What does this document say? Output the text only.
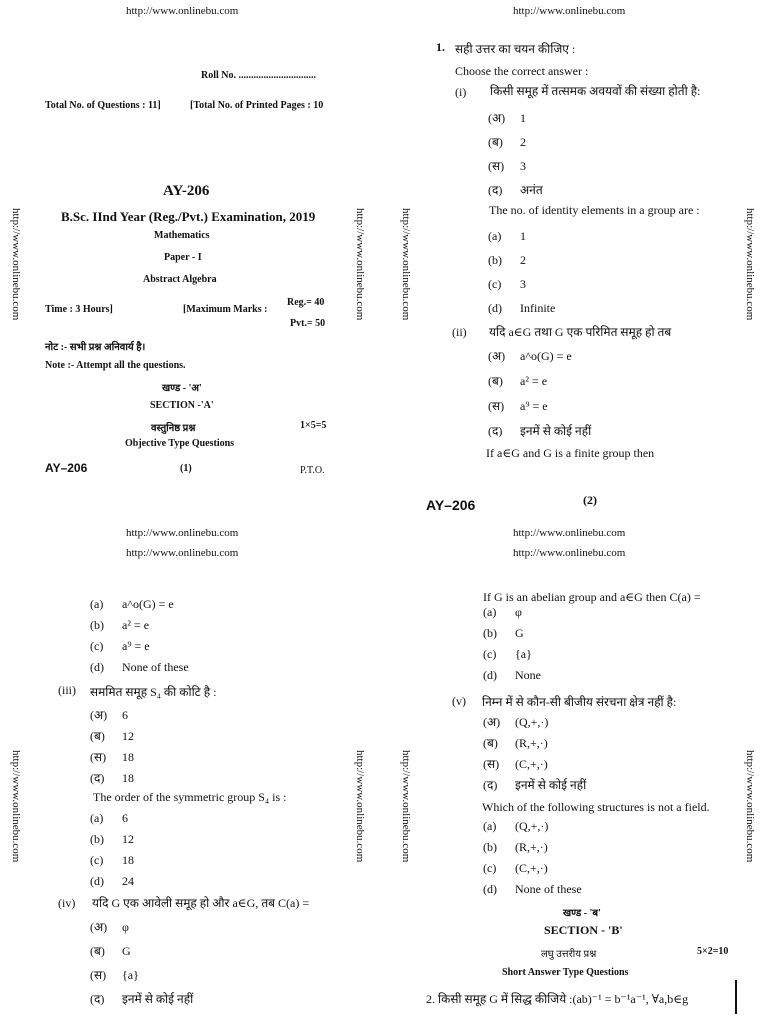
http://www.onlinebu.com	http://www.onlinebu.com
http://www.onlinebu.com
http://www.onlinebu.com
http://www.onlinebu.com
http://www.onlinebu.com
http://www.onlinebu.com	http://www.onlinebu.com	http://www.onlinebu.com	http://www.onlinebu.com
http://www.onlinebu.com	http://www.onlinebu.com	http://www.onlinebu.com	http://www.onlinebu.com
Roll No. ...............................
Total No. of Questions : 11]	[Total No. of Printed Pages : 10
AY-206
B.Sc. IInd Year (Reg./Pvt.) Examination, 2019
Mathematics
Paper - I
Abstract Algebra
Time : 3 Hours]	[Maximum Marks :
Reg.= 40
Pvt.= 50
नोट :- सभी प्रश्न अनिवार्य है।
Note :- Attempt all the questions.
खण्ड - 'अ'
SECTION -'A'
वस्तुनिष्ठ प्रश्न	1×5=5
Objective Type Questions
AY–206	(1)	P.T.O.
1. सही उत्तर का चयन कीजिए :
Choose the correct answer :
(i) किसी समूह में तत्समक अवयवों की संख्या होती है:
(अ) 1
(ब) 2
(स) 3
(द) अनंत
The no. of identity elements in a group are :
(a) 1
(b) 2
(c) 3
(d) Infinite
(ii) यदि a∈G तथा G एक परिमित समूह हो तब
(अ) a^o(G) = e
(ब) a² = e
(स) a⁹ = e
(द) इनमें से कोई नहीं
If a∈G and G is a finite group then
AY–206	(2)
(a) a^o(G) = e
(b) a² = e
(c) a⁹ = e
(d) None of these
(iii) सममित समूह S₄ की कोटि है :
(अ) 6
(ब) 12
(स) 18
(द) 18
The order of the symmetric group S₄ is :
(a) 6
(b) 12
(c) 18
(d) 24
(iv) यदि G एक आवेली समूह हो और a∈G, तब C(a) =
(अ) φ
(ब) G
(स) {a}
(द) इनमें से कोई नहीं
If G is an abelian group and a∈G then C(a) =
(a) φ
(b) G
(c) {a}
(d) None
(v) निम्न में से कौन-सी बीजीय संरचना क्षेत्र नहीं है:
(अ) (Q,+,·)
(ब) (R,+,·)
(स) (C,+,·)
(द) इनमें से कोई नहीं
Which of the following structures is not a field.
(a) (Q,+,·)
(b) (R,+,·)
(c) (C,+,·)
(d) None of these
खण्ड - 'ब'
SECTION - 'B'
लघु उत्तरीय प्रश्न	5×2=10
Short Answer Type Questions
2. किसी समूह G में सिद्ध कीजिये :(ab)⁻¹ = b⁻¹a⁻¹, ∀a,b∈g
